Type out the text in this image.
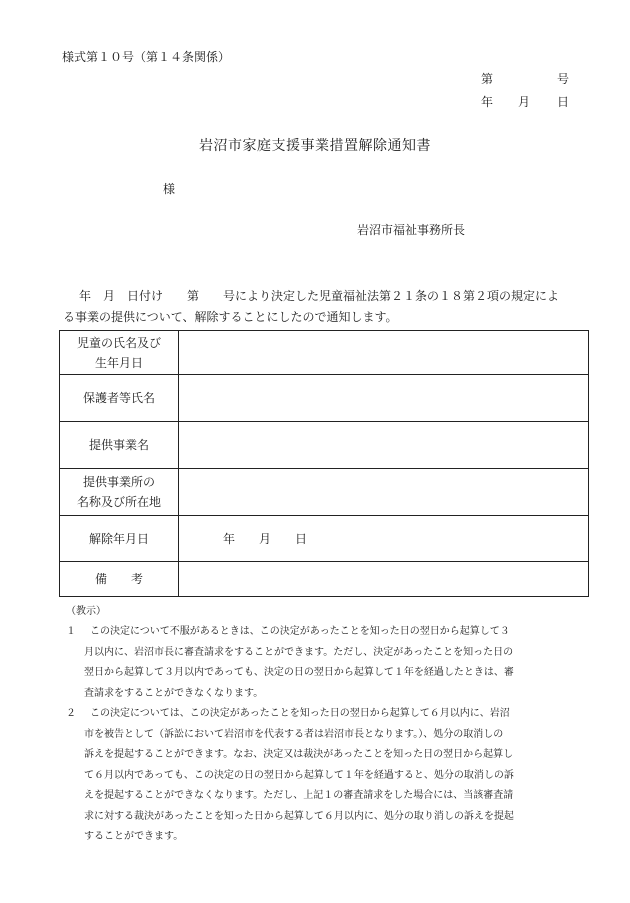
様式第１０号（第１４条関係）
第	号
年 月 日
岩沼市家庭支援事業措置解除通知書
様
岩沼市福祉事務所長
年　月　日付け　　第　　号により決定した児童福祉法第２１条の１８第２項の規定によ
る事業の提供について、解除することにしたので通知します。
児童の氏名及び
生年月日	

保護者等氏名	

提供事業名	

提供事業所の
名称及び所在地	

解除年月日	年　　月　　日

備　　考	

（教示）
１	この決定について不服があるときは、この決定があったことを知った日の翌日から起算して３
月以内に、岩沼市長に審査請求をすることができます。ただし、決定があったことを知った日の
翌日から起算して３月以内であっても、決定の日の翌日から起算して１年を経過したときは、審
査請求をすることができなくなります。
２	この決定については、この決定があったことを知った日の翌日から起算して６月以内に、岩沼
市を被告として（訴訟において岩沼市を代表する者は岩沼市長となります。）、処分の取消しの
訴えを提起することができます。なお、決定又は裁決があったことを知った日の翌日から起算し
て６月以内であっても、この決定の日の翌日から起算して１年を経過すると、処分の取消しの訴
えを提起することができなくなります。ただし、上記１の審査請求をした場合には、当該審査請
求に対する裁決があったことを知った日から起算して６月以内に、処分の取り消しの訴えを提起
することができます。
